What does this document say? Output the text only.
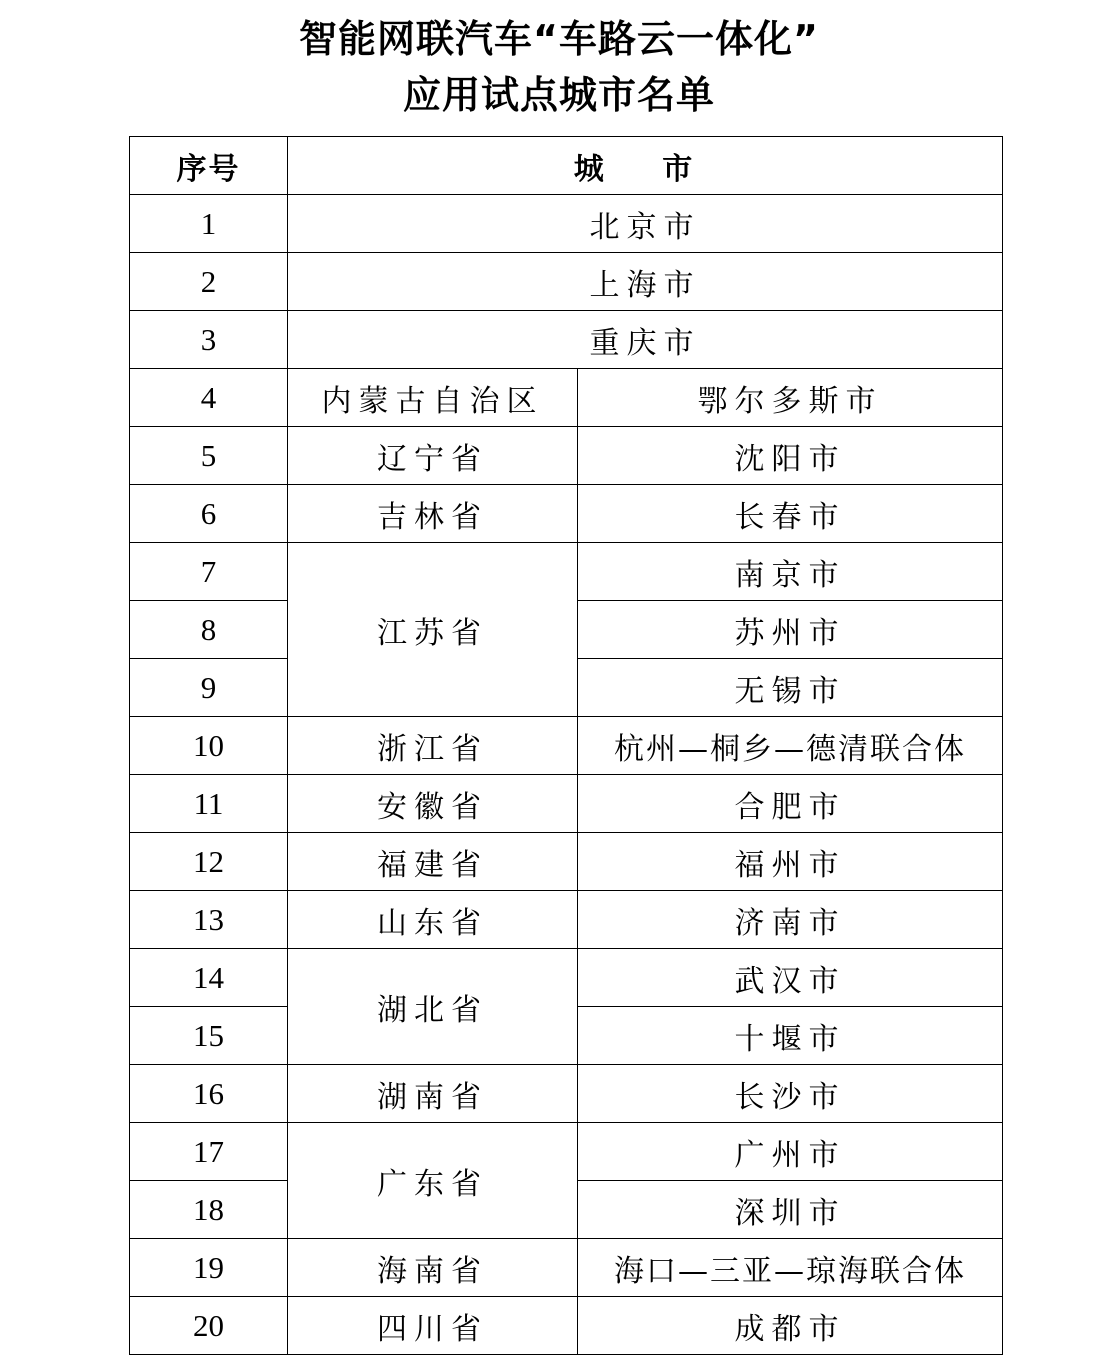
智能网联汽车“车路云一体化”
应用试点城市名单
序号	城 市	
1	北京市	
2	上海市	
3	重庆市	
4	内蒙古自治区	鄂尔多斯市
5	辽宁省	沈阳市
6	吉林省	长春市
7	江苏省	南京市
8		苏州市
9		无锡市
10	浙江省	杭州—桐乡—德清联合体
11	安徽省	合肥市
12	福建省	福州市
13	山东省	济南市
14	湖北省	武汉市
15		十堰市
16	湖南省	长沙市
17	广东省	广州市
18		深圳市
19	海南省	海口—三亚—琼海联合体
20	四川省	成都市
